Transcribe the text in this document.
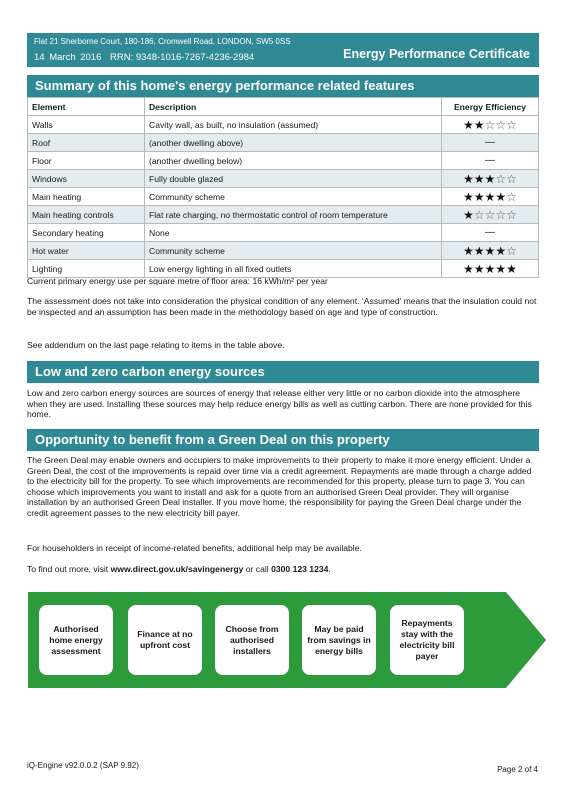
Flat 21 Sherborne Court, 180-186, Cromwell Road, LONDON, SW5 0SS
14 March 2016 RRN: 9348-1016-7267-4236-2984	Energy Performance Certificate
Summary of this home's energy performance related features
Element	Description	Energy Efficiency
Walls	Cavity wall, as built, no insulation (assumed)	★★☆☆☆
Roof	(another dwelling above)	—
Floor	(another dwelling below)	—
Windows	Fully double glazed	★★★☆☆
Main heating	Community scheme	★★★★☆
Main heating controls	Flat rate charging, no thermostatic control of room temperature	★☆☆☆☆
Secondary heating	None	—
Hot water	Community scheme	★★★★☆
Lighting	Low energy lighting in all fixed outlets	★★★★★

Current primary energy use per square metre of floor area: 16 kWh/m² per year

The assessment does not take into consideration the physical condition of any element. ‘Assumed’ means that the insulation could not be inspected and an assumption has been made in the methodology based on age and type of construction.

See addendum on the last page relating to items in the table above.

Low and zero carbon energy sources

Low and zero carbon energy sources are sources of energy that release either very little or no carbon dioxide into the atmosphere when they are used. Installing these sources may help reduce energy bills as well as cutting carbon. There are none provided for this home.

Opportunity to benefit from a Green Deal on this property

The Green Deal may enable owners and occupiers to make improvements to their property to make it more energy efficient. Under a Green Deal, the cost of the improvements is repaid over time via a credit agreement. Repayments are made through a charge added to the electricity bill for the property. To see which improvements are recommended for this property, please turn to page 3. You can choose which improvements you want to install and ask for a quote from an authorised Green Deal provider. They will organise installation by an authorised Green Deal installer. If you move home, the responsibility for paying the Green Deal charge under the credit agreement passes to the new electricity bill payer.

For householders in receipt of income-related benefits, additional help may be available.

To find out more, visit www.direct.gov.uk/savingenergy or call 0300 123 1234.

Authorised home energy assessment
Finance at no upfront cost
Choose from authorised installers
May be paid from savings in energy bills
Repayments stay with the electricity bill payer
iQ-Engine v92.0.0.2 (SAP 9.92)	Page 2 of 4
